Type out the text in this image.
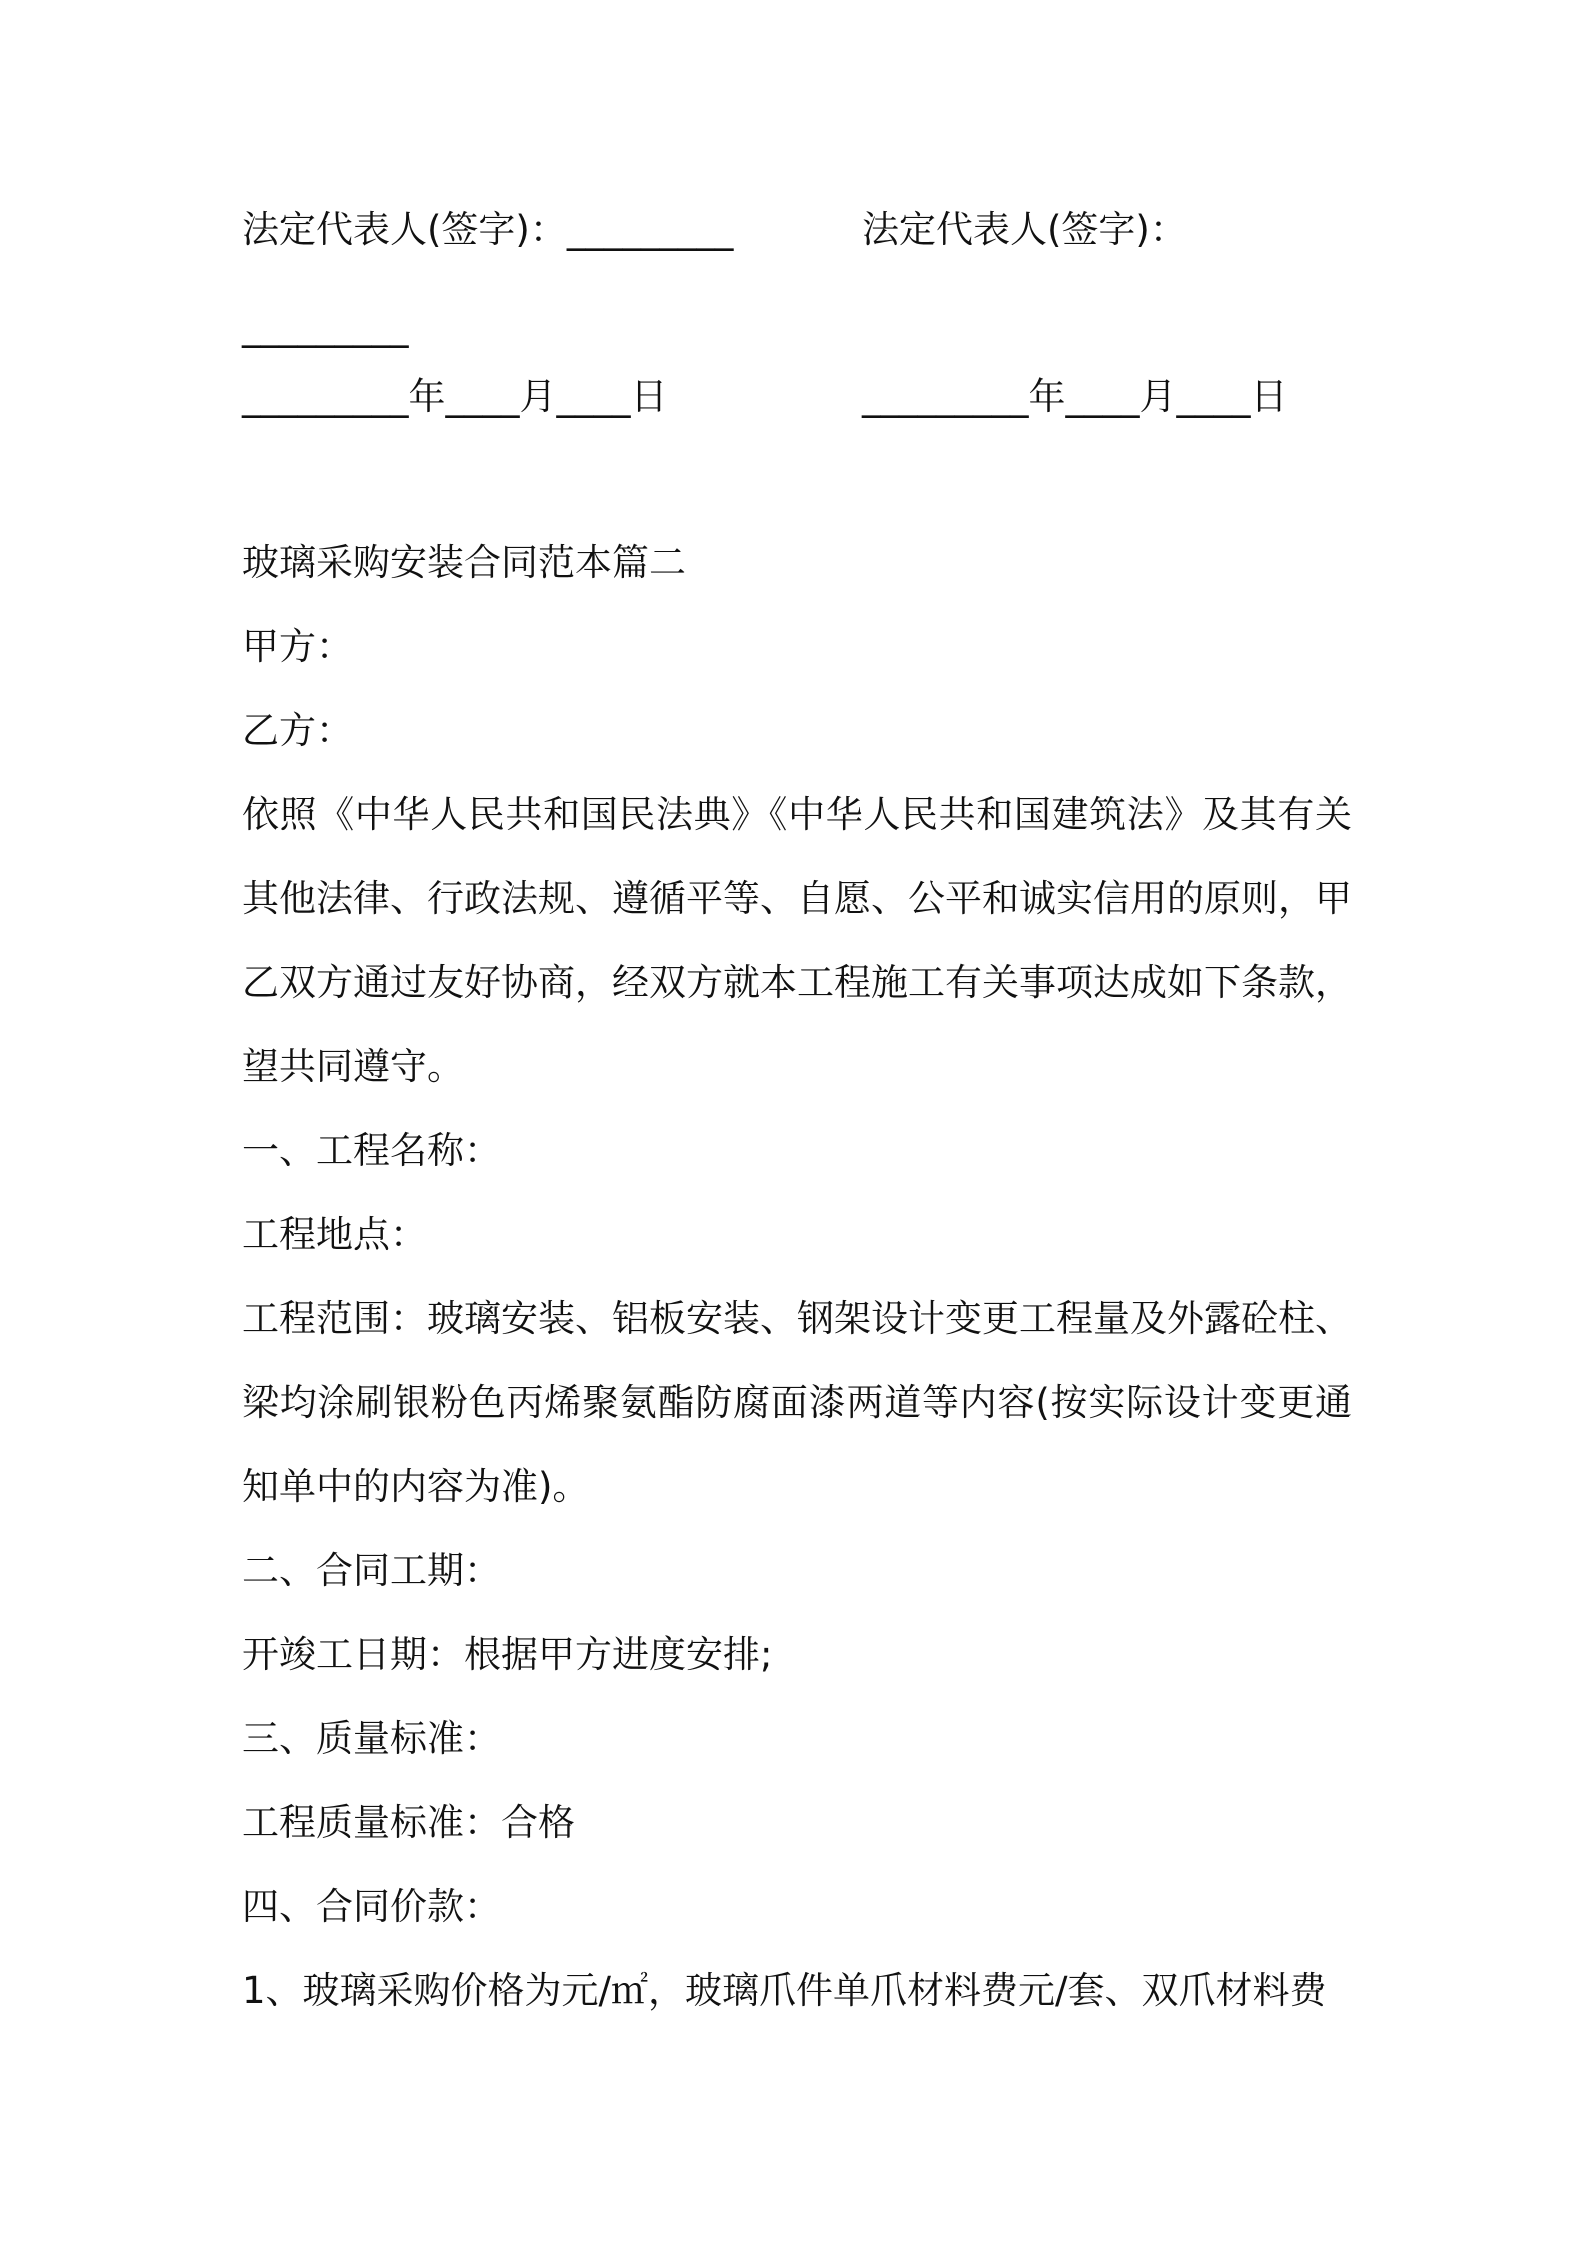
法定代表人(签字)：_________	法定代表人(签字)：
_________
_________年____月____日	_________年____月____日
玻璃采购安装合同范本篇二
甲方：
乙方：
依照《中华人民共和国民法典》《中华人民共和国建筑法》及其有关
其他法律、行政法规、遵循平等、自愿、公平和诚实信用的原则，甲
乙双方通过友好协商，经双方就本工程施工有关事项达成如下条款，
望共同遵守。
一、工程名称：
工程地点：
工程范围：玻璃安装、铝板安装、钢架设计变更工程量及外露砼柱、
梁均涂刷银粉色丙烯聚氨酯防腐面漆两道等内容(按实际设计变更通
知单中的内容为准)。
二、合同工期：
开竣工日期：根据甲方进度安排;
三、质量标准：
工程质量标准：合格
四、合同价款：
1、玻璃采购价格为元/㎡，玻璃爪件单爪材料费元/套、双爪材料费
